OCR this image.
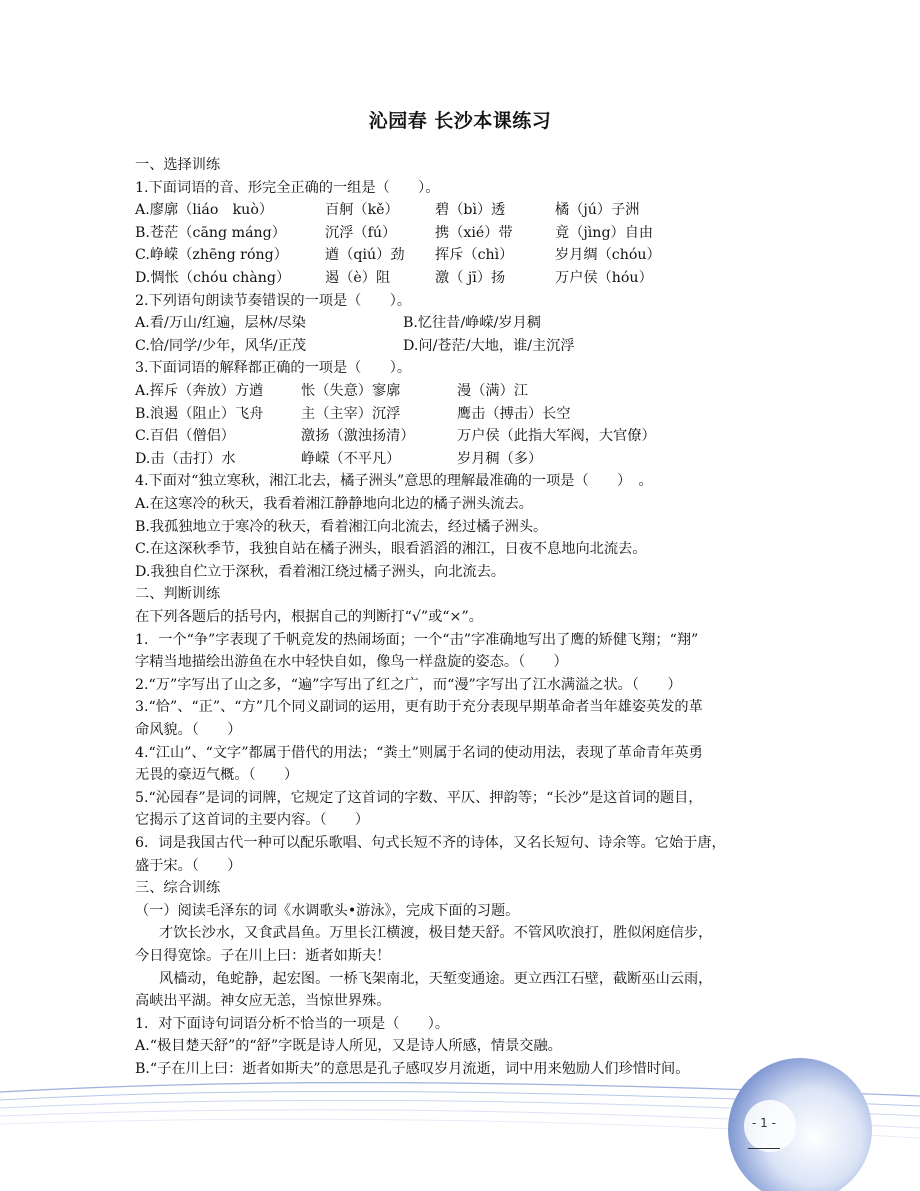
沁园春 长沙本课练习
一、选择训练
1.下面词语的音、形完全正确的一组是（　　）。
A.廖廓（liáo　kuò）	百舸（kě）	碧（bì）透	橘（jú）子洲
B.苍茫（cāng máng）	沉浮（fú）	携（xié）带	竟（jìng）自由
C.峥嵘（zhēng róng）	遒（qiú）劲 挥斥（chì）	岁月绸（chóu）
D.惆怅（chóu chàng） 遏（è）阻	激（ jī）扬	万户侯（hóu）
2.下列语句朗读节奏错误的一项是（　　）。
A.看/万山/红遍，层林/尽染	B.忆往昔/峥嵘/岁月稠
C.恰/同学/少年，风华/正茂	D.问/苍茫/大地，谁/主沉浮
3.下面词语的解释都正确的一项是（　　）。
A.挥斥（奔放）方遒	怅（失意）寥廓	漫（满）江
B.浪遏（阻止）飞舟	主（主宰）沉浮	鹰击（搏击）长空
C.百侣（僧侣）	激扬（激浊扬清）	万户侯（此指大军阀，大官僚）
D.击（击打）水	峥嵘（不平凡）	岁月稠（多）
4.下面对“独立寒秋，湘江北去，橘子洲头”意思的理解最准确的一项是（　　）　。
A.在这寒冷的秋天，我看着湘江静静地向北边的橘子洲头流去。
B.我孤独地立于寒冷的秋天，看着湘江向北流去，经过橘子洲头。
C.在这深秋季节，我独自站在橘子洲头，眼看滔滔的湘江，日夜不息地向北流去。
D.我独自伫立于深秋，看着湘江绕过橘子洲头，向北流去。
二、判断训练
在下列各题后的括号内，根据自己的判断打“√”或“×”。
1．一个“争”字表现了千帆竞发的热闹场面；一个“击”字准确地写出了鹰的矫健飞翔；“翔”
字精当地描绘出游鱼在水中轻快自如，像鸟一样盘旋的姿态。（　　）
2.“万”字写出了山之多，“遍”字写出了红之广，而“漫”字写出了江水满溢之状。（　　）
3.“恰”、“正”、“方”几个同义副词的运用，更有助于充分表现早期革命者当年雄姿英发的革
命风貌。（　　）
4.“江山”、“文字”都属于借代的用法；“粪土”则属于名词的使动用法，表现了革命青年英勇
无畏的豪迈气概。（　　）
5.“沁园春”是词的词牌，它规定了这首词的字数、平仄、押韵等；“长沙”是这首词的题目，
它揭示了这首词的主要内容。（　　）
6．词是我国古代一种可以配乐歌唱、句式长短不齐的诗体，又名长短句、诗余等。它始于唐，
盛于宋。（　　）
三、综合训练
（一）阅读毛泽东的词《水调歌头•游泳》，完成下面的习题。
才饮长沙水，又食武昌鱼。万里长江横渡，极目楚天舒。不管风吹浪打，胜似闲庭信步，
今日得宽馀。子在川上曰：逝者如斯夫！
风樯动，龟蛇静，起宏图。一桥飞架南北，天堑变通途。更立西江石壁，截断巫山云雨，
高峡出平湖。神女应无恙，当惊世界殊。
1．对下面诗句词语分析不恰当的一项是（　　）。
A.“极目楚天舒”的“舒”字既是诗人所见，又是诗人所感，情景交融。
B.“子在川上曰：逝者如斯夫”的意思是孔子感叹岁月流逝，词中用来勉励人们珍惜时间。
- 1 -
